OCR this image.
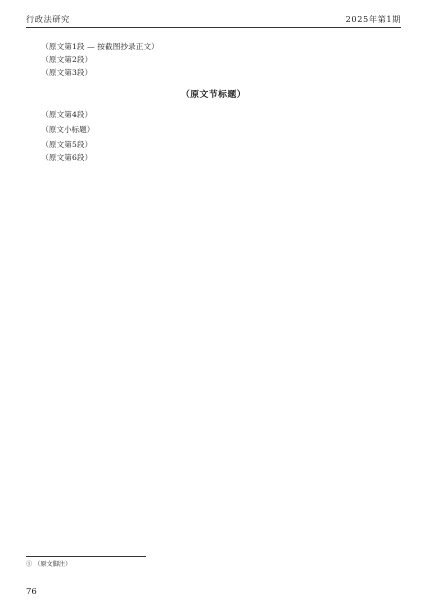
行政法研究	2025年第1期

（原文第1段 — 按截图抄录正文）

（原文第2段）

（原文第3段）

（原文节标题）

（原文第4段）

（原文小标题）

（原文第5段）

（原文第6段）

① （原文脚注）
76
